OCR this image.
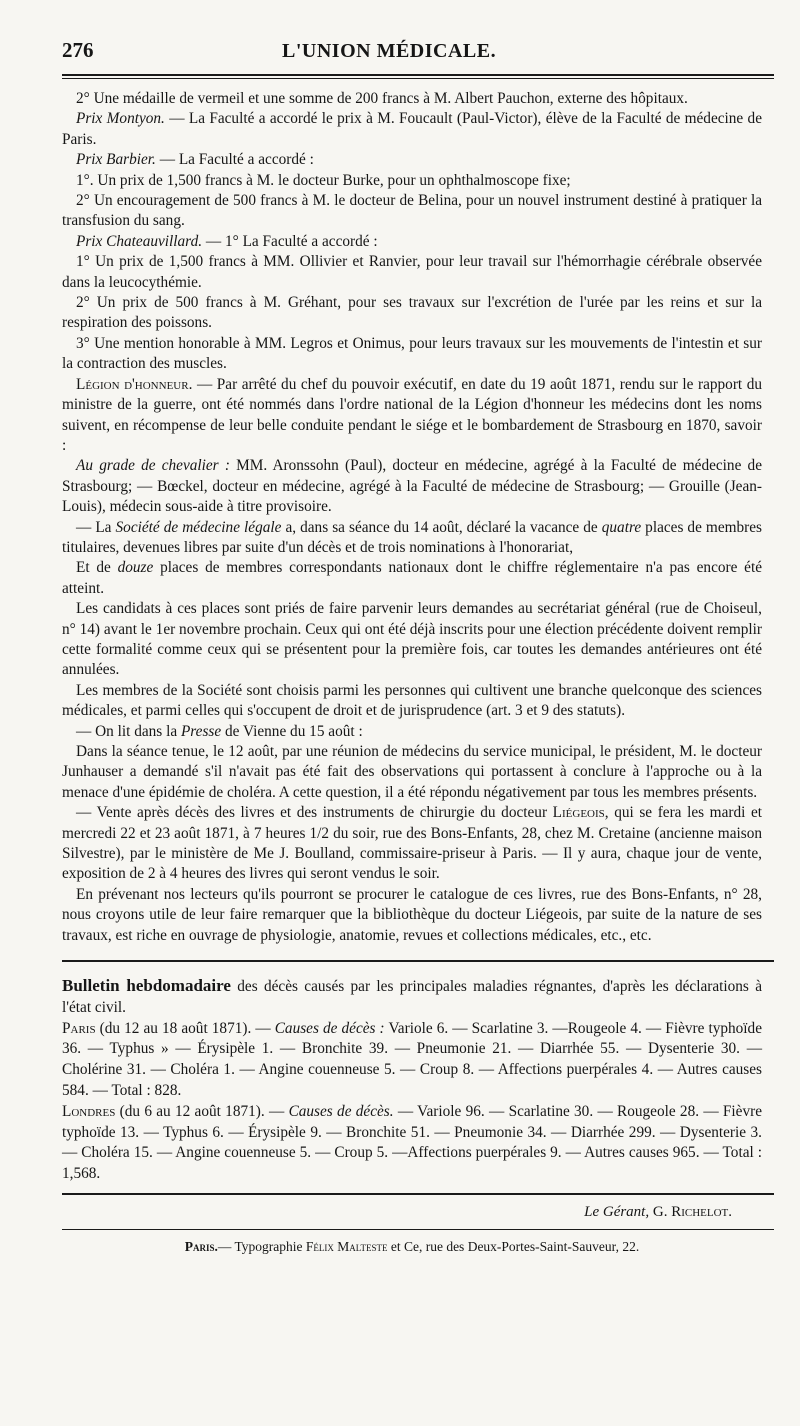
276	L'UNION MÉDICALE.

2° Une médaille de vermeil et une somme de 200 francs à M. Albert Pauchon, externe des hôpitaux.

Prix Montyon. — La Faculté a accordé le prix à M. Foucault (Paul-Victor), élève de la Faculté de médecine de Paris.

Prix Barbier. — La Faculté a accordé :

1°. Un prix de 1,500 francs à M. le docteur Burke, pour un ophthalmoscope fixe;

2° Un encouragement de 500 francs à M. le docteur de Belina, pour un nouvel instrument destiné à pratiquer la transfusion du sang.

Prix Chateauvillard. — 1° La Faculté a accordé :

1° Un prix de 1,500 francs à MM. Ollivier et Ranvier, pour leur travail sur l'hémorrhagie cérébrale observée dans la leucocythémie.

2° Un prix de 500 francs à M. Gréhant, pour ses travaux sur l'excrétion de l'urée par les reins et sur la respiration des poissons.

3° Une mention honorable à MM. Legros et Onimus, pour leurs travaux sur les mouvements de l'intestin et sur la contraction des muscles.

Légion d'honneur. — Par arrêté du chef du pouvoir exécutif, en date du 19 août 1871, rendu sur le rapport du ministre de la guerre, ont été nommés dans l'ordre national de la Légion d'honneur les médecins dont les noms suivent, en récompense de leur belle conduite pendant le siége et le bombardement de Strasbourg en 1870, savoir :

Au grade de chevalier : MM. Aronssohn (Paul), docteur en médecine, agrégé à la Faculté de médecine de Strasbourg; — Bœckel, docteur en médecine, agrégé à la Faculté de médecine de Strasbourg; — Grouille (Jean-Louis), médecin sous-aide à titre provisoire.

— La Société de médecine légale a, dans sa séance du 14 août, déclaré la vacance de quatre places de membres titulaires, devenues libres par suite d'un décès et de trois nominations à l'honorariat,

Et de douze places de membres correspondants nationaux dont le chiffre réglementaire n'a pas encore été atteint.

Les candidats à ces places sont priés de faire parvenir leurs demandes au secrétariat général (rue de Choiseul, n° 14) avant le 1er novembre prochain. Ceux qui ont été déjà inscrits pour une élection précédente doivent remplir cette formalité comme ceux qui se présentent pour la première fois, car toutes les demandes antérieures ont été annulées.

Les membres de la Société sont choisis parmi les personnes qui cultivent une branche quelconque des sciences médicales, et parmi celles qui s'occupent de droit et de jurisprudence (art. 3 et 9 des statuts).

— On lit dans la Presse de Vienne du 15 août :

Dans la séance tenue, le 12 août, par une réunion de médecins du service municipal, le président, M. le docteur Junhauser a demandé s'il n'avait pas été fait des observations qui portassent à conclure à l'approche ou à la menace d'une épidémie de choléra. A cette question, il a été répondu négativement par tous les membres présents.

— Vente après décès des livres et des instruments de chirurgie du docteur Liégeois, qui se fera les mardi et mercredi 22 et 23 août 1871, à 7 heures 1/2 du soir, rue des Bons-Enfants, 28, chez M. Cretaine (ancienne maison Silvestre), par le ministère de Me J. Boulland, commissaire-priseur à Paris. — Il y aura, chaque jour de vente, exposition de 2 à 4 heures des livres qui seront vendus le soir.

En prévenant nos lecteurs qu'ils pourront se procurer le catalogue de ces livres, rue des Bons-Enfants, n° 28, nous croyons utile de leur faire remarquer que la bibliothèque du docteur Liégeois, par suite de la nature de ses travaux, est riche en ouvrage de physiologie, anatomie, revues et collections médicales, etc., etc.

Bulletin hebdomadaire des décès causés par les principales maladies régnantes, d'après les déclarations à l'état civil.

Paris (du 12 au 18 août 1871). — Causes de décès : Variole 6. — Scarlatine 3. —Rougeole 4. — Fièvre typhoïde 36. — Typhus » — Érysipèle 1. — Bronchite 39. — Pneumonie 21. — Diarrhée 55. — Dysenterie 30. — Cholérine 31. — Choléra 1. — Angine couenneuse 5. — Croup 8. — Affections puerpérales 4. — Autres causes 584. — Total : 828.

Londres (du 6 au 12 août 1871). — Causes de décès. — Variole 96. — Scarlatine 30. — Rougeole 28. — Fièvre typhoïde 13. — Typhus 6. — Érysipèle 9. — Bronchite 51. — Pneumonie 34. — Diarrhée 299. — Dysenterie 3. — Choléra 15. — Angine couenneuse 5. — Croup 5. —Affections puerpérales 9. — Autres causes 965. — Total : 1,568.

Le Gérant, G. Richelot.
Paris.— Typographie Félix Malteste et Ce, rue des Deux-Portes-Saint-Sauveur, 22.
